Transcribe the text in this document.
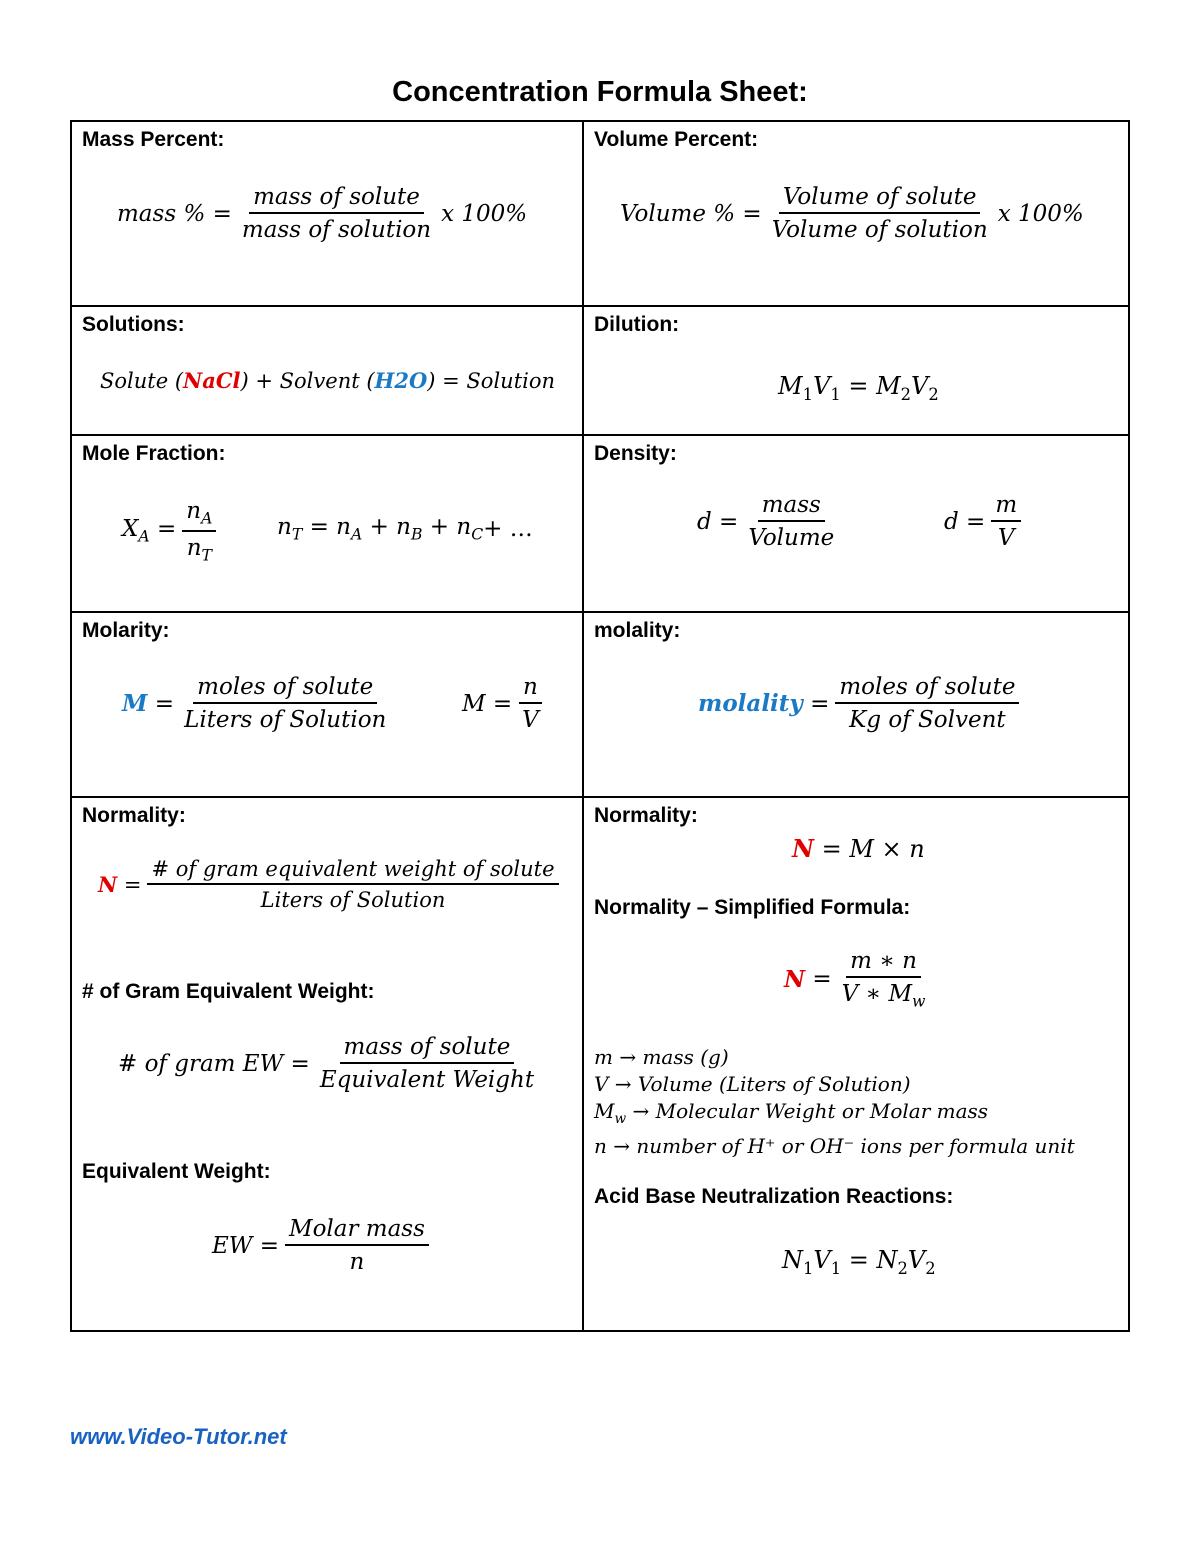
Concentration Formula Sheet:
Mass Percent:
mass % = $\frac{\text{mass of solute}}{\text{mass of solution}}$ x 100%
Volume Percent:
Volume % = $\frac{\text{Volume of solute}}{\text{Volume of solution}}$ x 100%
Solutions:
Solute ( NaCl ) + Solvent ( H2O ) = Solution
Dilution:
$M_1V_1 = M_2V_2$
Mole Fraction:
$X_A = \frac{n_A}{n_T}$	$n_T = n_A + n_B + n_C$ + …
Density:
$d = \frac{\text{mass}}{\text{Volume}}$	$d = \frac{m}{V}$
Molarity:
$M = \frac{\text{moles of solute}}{\text{Liters of Solution}}$	$M = \frac{n}{V}$
molality:
molality = $\frac{\text{moles of solute}}{\text{Kg of Solvent}}$
Normality:
$N = \frac{\text{\# of gram equivalent weight of solute}}{\text{Liters of Solution}}$
# of Gram Equivalent Weight:
# of gram EW = $\frac{\text{mass of solute}}{\text{Equivalent Weight}}$
Equivalent Weight:
EW = $\frac{\text{Molar mass}}{n}$
Normality:
N
= M × n
Normality – Simplified Formula:
$N = \frac{m ∗ n}{V ∗ M_w}$
m → mass (g)
V → Volume (Liters of Solution)
$M_w$ → Molecular Weight or Molar mass
n → number of H⁺ or OH⁻ ions per formula unit
Acid Base Neutralization Reactions:
$N_1V_1 = N_2V_2$
www.Video-Tutor.net
